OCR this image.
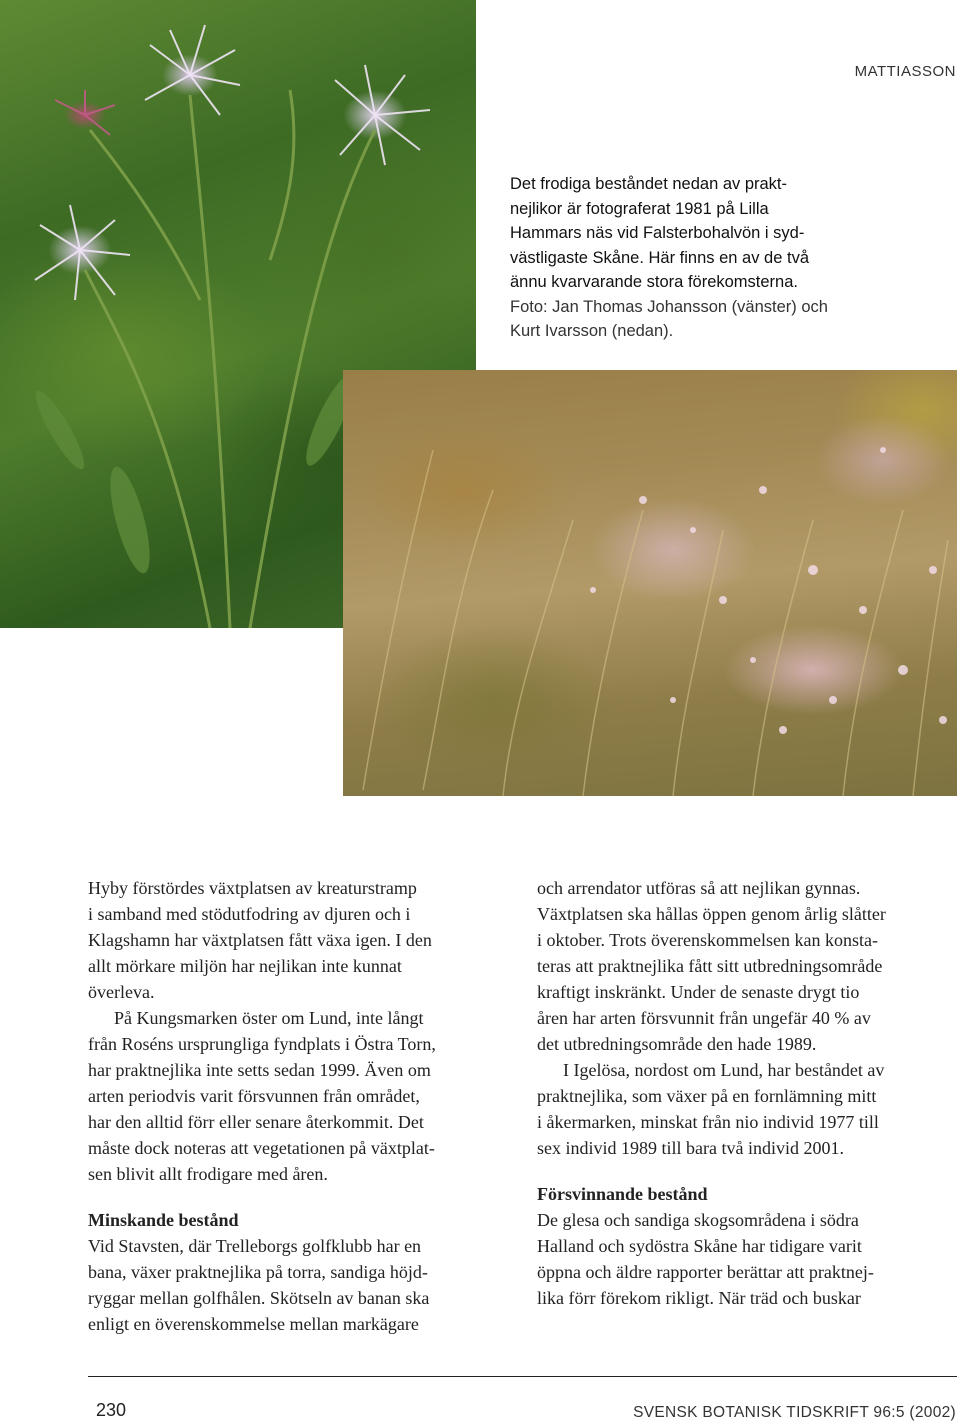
MATTIASSON
Det frodiga beståndet nedan av prakt-
nejlikor är fotograferat 1981 på Lilla
Hammars näs vid Falsterbohalvön i syd-
västligaste Skåne. Här finns en av de två
ännu kvarvarande stora förekomsterna.
Foto: Jan Thomas Johansson (vänster) och
Kurt Ivarsson (nedan).
Hyby förstördes växtplatsen av kreaturstramp
i samband med stödutfodring av djuren och i
Klagshamn har växtplatsen fått växa igen. I den
allt mörkare miljön har nejlikan inte kunnat
överleva.
På Kungsmarken öster om Lund, inte långt
från Roséns ursprungliga fyndplats i Östra Torn,
har praktnejlika inte setts sedan 1999. Även om
arten periodvis varit försvunnen från området,
har den alltid förr eller senare återkommit. Det
måste dock noteras att vegetationen på växtplat-
sen blivit allt frodigare med åren.
Minskande bestånd
Vid Stavsten, där Trelleborgs golfklubb har en
bana, växer praktnejlika på torra, sandiga höjd-
ryggar mellan golfhålen. Skötseln av banan ska
enligt en överenskommelse mellan markägare
och arrendator utföras så att nejlikan gynnas.
Växtplatsen ska hållas öppen genom årlig slåtter
i oktober. Trots överenskommelsen kan konsta-
teras att praktnejlika fått sitt utbredningsområde
kraftigt inskränkt. Under de senaste drygt tio
åren har arten försvunnit från ungefär 40 % av
det utbredningsområde den hade 1989.
I Igelösa, nordost om Lund, har beståndet av
praktnejlika, som växer på en fornlämning mitt
i åkermarken, minskat från nio individ 1977 till
sex individ 1989 till bara två individ 2001.
Försvinnande bestånd
De glesa och sandiga skogsområdena i södra
Halland och sydöstra Skåne har tidigare varit
öppna och äldre rapporter berättar att praktnej-
lika förr förekom rikligt. När träd och buskar
230	SVENSK BOTANISK TIDSKRIFT 96:5 (2002)
